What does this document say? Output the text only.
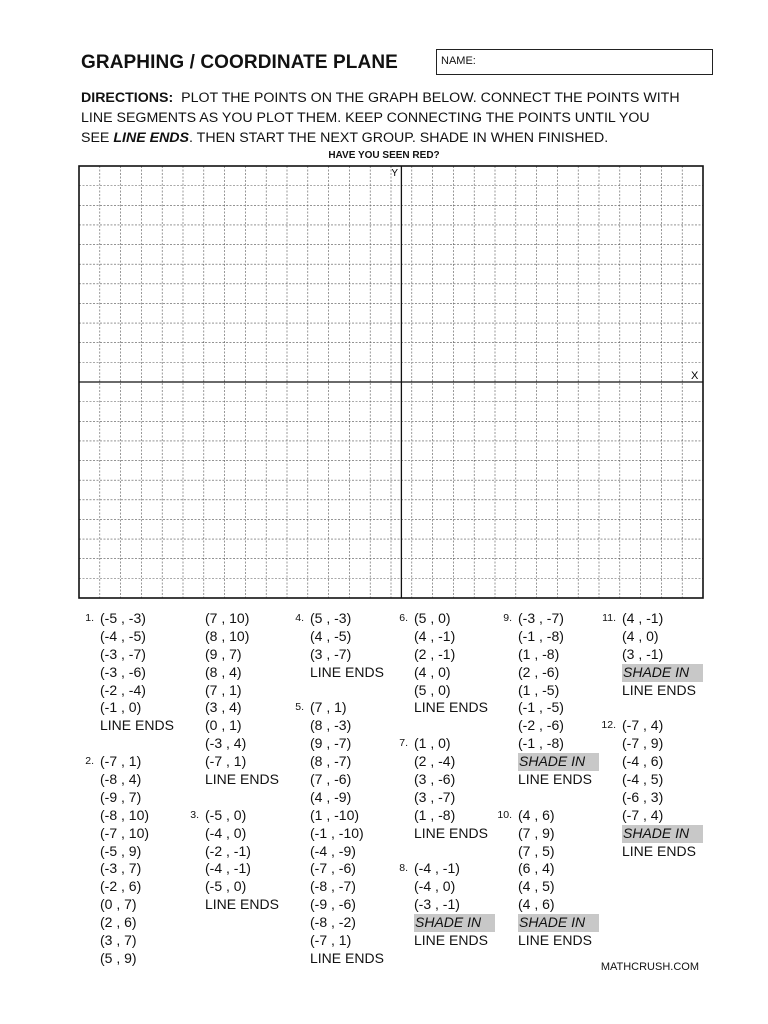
GRAPHING / COORDINATE PLANE	NAME:
DIRECTIONS: PLOT THE POINTS ON THE GRAPH BELOW. CONNECT THE POINTS WITH LINE SEGMENTS AS YOU PLOT THEM. KEEP CONNECTING THE POINTS UNTIL YOU SEE LINE ENDS. THEN START THE NEXT GROUP. SHADE IN WHEN FINISHED.
HAVE YOU SEEN RED?
X
Y
1. (-5 , -3)
(-4 , -5)
(-3 , -7)
(-3 , -6)
(-2 , -4)
(-1 , 0)
LINE ENDS
2. (-7 , 1)
(-8 , 4)
(-9 , 7)
(-8 , 10)
(-7 , 10)
(-5 , 9)
(-3 , 7)
(-2 , 6)
(0 , 7)
(2 , 6)
(3 , 7)
(5 , 9)
(7 , 10)
(8 , 10)
(9 , 7)
(8 , 4)
(7 , 1)
(3 , 4)
(0 , 1)
(-3 , 4)
(-7 , 1)
LINE ENDS
3. (-5 , 0)
(-4 , 0)
(-2 , -1)
(-4 , -1)
(-5 , 0)
LINE ENDS
4. (5 , -3)
(4 , -5)
(3 , -7)
LINE ENDS
5. (7 , 1)
(8 , -3)
(9 , -7)
(8 , -7)
(7 , -6)
(4 , -9)
(1 , -10)
(-1 , -10)
(-4 , -9)
(-7 , -6)
(-8 , -7)
(-9 , -6)
(-8 , -2)
(-7 , 1)
LINE ENDS
6. (5 , 0)
(4 , -1)
(2 , -1)
(4 , 0)
(5 , 0)
LINE ENDS
7. (1 , 0)
(2 , -4)
(3 , -6)
(3 , -7)
(1 , -8)
LINE ENDS
8. (-4 , -1)
(-4 , 0)
(-3 , -1)
SHADE IN
LINE ENDS
9. (-3 , -7)
(-1 , -8)
(1 , -8)
(2 , -6)
(1 , -5)
(-1 , -5)
(-2 , -6)
(-1 , -8)
SHADE IN
LINE ENDS
10. (4 , 6)
(7 , 9)
(7 , 5)
(6 , 4)
(4 , 5)
(4 , 6)
SHADE IN
LINE ENDS
11. (4 , -1)
(4 , 0)
(3 , -1)
SHADE IN
LINE ENDS
12. (-7 , 4)
(-7 , 9)
(-4 , 6)
(-4 , 5)
(-6 , 3)
(-7 , 4)
SHADE IN
LINE ENDS
MATHCRUSH.COM
